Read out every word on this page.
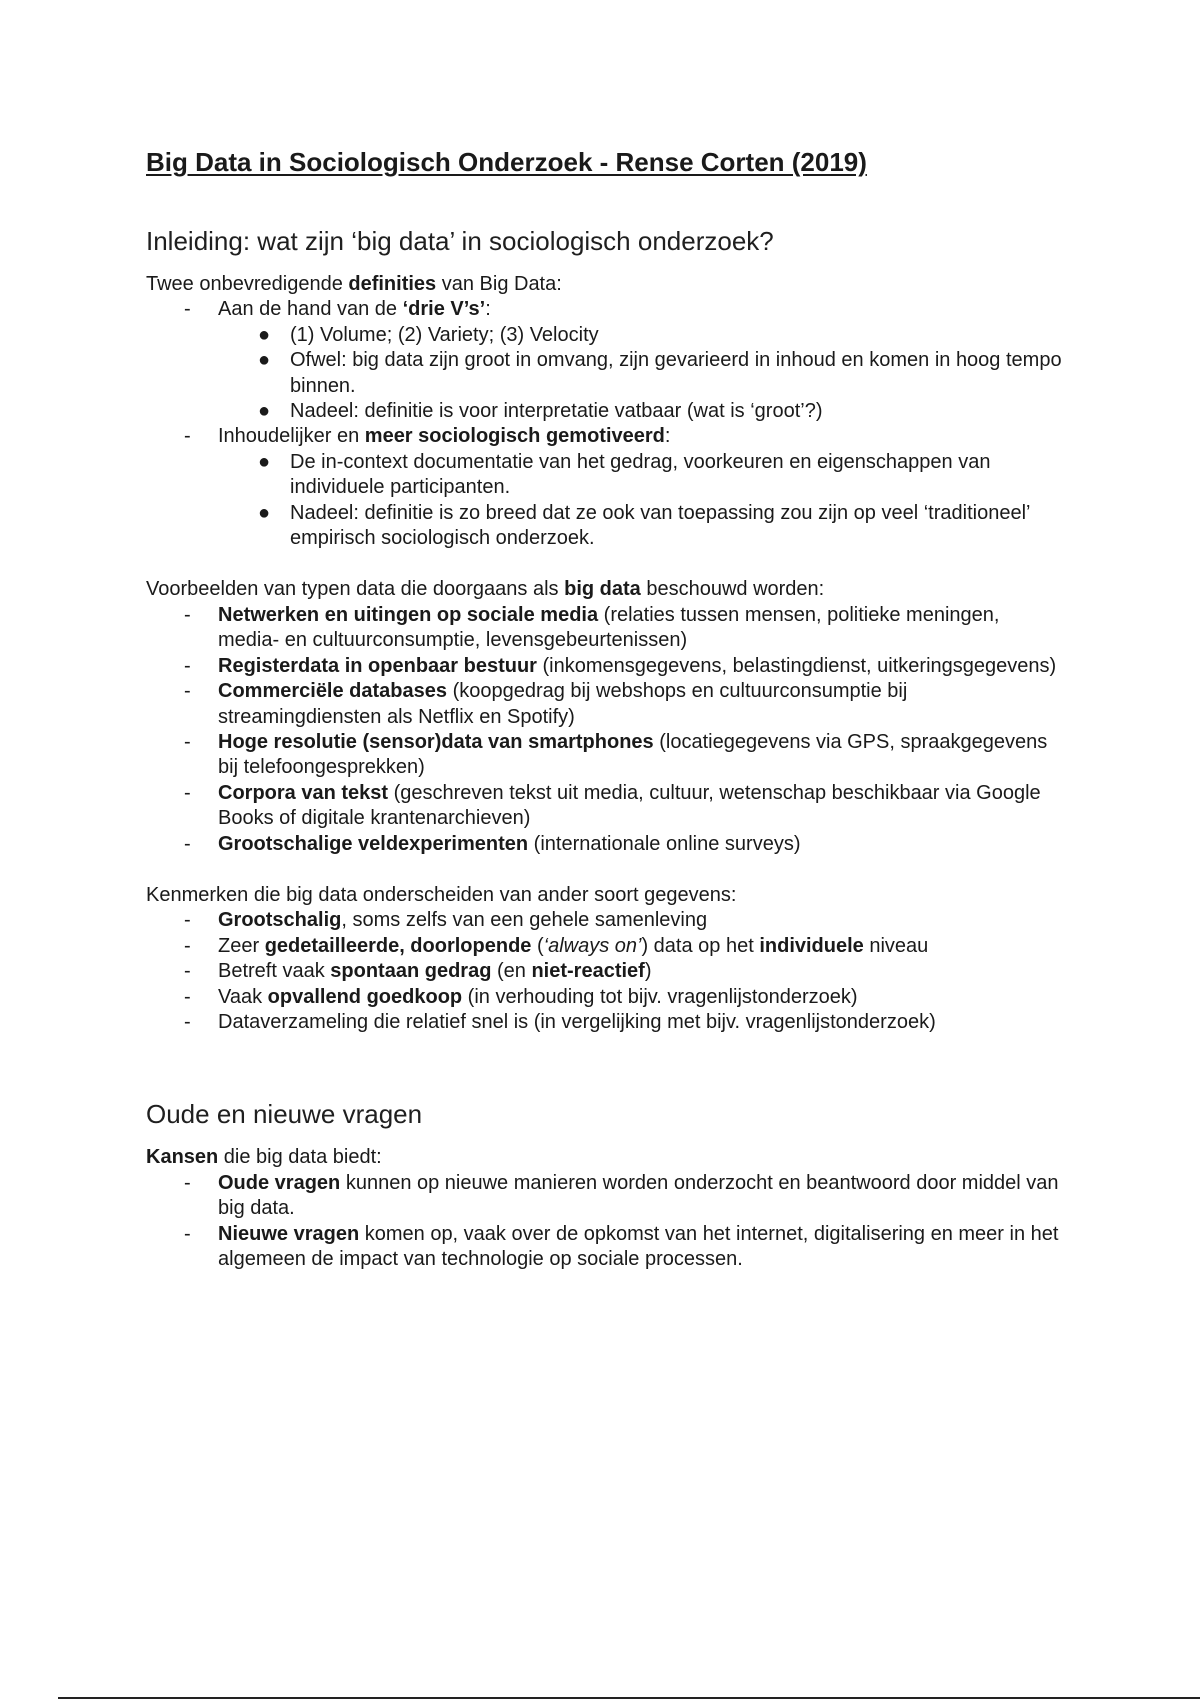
Big Data in Sociologisch Onderzoek - Rense Corten (2019)
Inleiding: wat zijn ‘big data’ in sociologisch onderzoek?

Twee onbevredigende definities van Big Data:

-	Aan de hand van de ‘drie V’s’:
● (1) Volume; (2) Variety; (3) Velocity
● Ofwel: big data zijn groot in omvang, zijn gevarieerd in inhoud en komen in hoog tempo binnen.
● Nadeel: definitie is voor interpretatie vatbaar (wat is ‘groot’?)
-	Inhoudelijker en meer sociologisch gemotiveerd:
● De in-context documentatie van het gedrag, voorkeuren en eigenschappen van individuele participanten.
● Nadeel: definitie is zo breed dat ze ook van toepassing zou zijn op veel ‘traditioneel’ empirisch sociologisch onderzoek.

Voorbeelden van typen data die doorgaans als big data beschouwd worden:

-	Netwerken en uitingen op sociale media (relaties tussen mensen, politieke meningen, media- en cultuurconsumptie, levensgebeurtenissen)
-	Registerdata in openbaar bestuur (inkomensgegevens, belastingdienst, uitkeringsgegevens)
-	Commerciële databases (koopgedrag bij webshops en cultuurconsumptie bij streamingdiensten als Netflix en Spotify)
-	Hoge resolutie (sensor)data van smartphones (locatiegegevens via GPS, spraakgegevens bij telefoongesprekken)
-	Corpora van tekst (geschreven tekst uit media, cultuur, wetenschap beschikbaar via Google Books of digitale krantenarchieven)
-	Grootschalige veldexperimenten (internationale online surveys)

Kenmerken die big data onderscheiden van ander soort gegevens:

-	Grootschalig, soms zelfs van een gehele samenleving
-	Zeer gedetailleerde, doorlopende (‘always on’) data op het individuele niveau
-	Betreft vaak spontaan gedrag (en niet-reactief)
-	Vaak opvallend goedkoop (in verhouding tot bijv. vragenlijstonderzoek)
-	Dataverzameling die relatief snel is (in vergelijking met bijv. vragenlijstonderzoek)
Oude en nieuwe vragen

Kansen die big data biedt:

-	Oude vragen kunnen op nieuwe manieren worden onderzocht en beantwoord door middel van big data.
-	Nieuwe vragen komen op, vaak over de opkomst van het internet, digitalisering en meer in het algemeen de impact van technologie op sociale processen.
